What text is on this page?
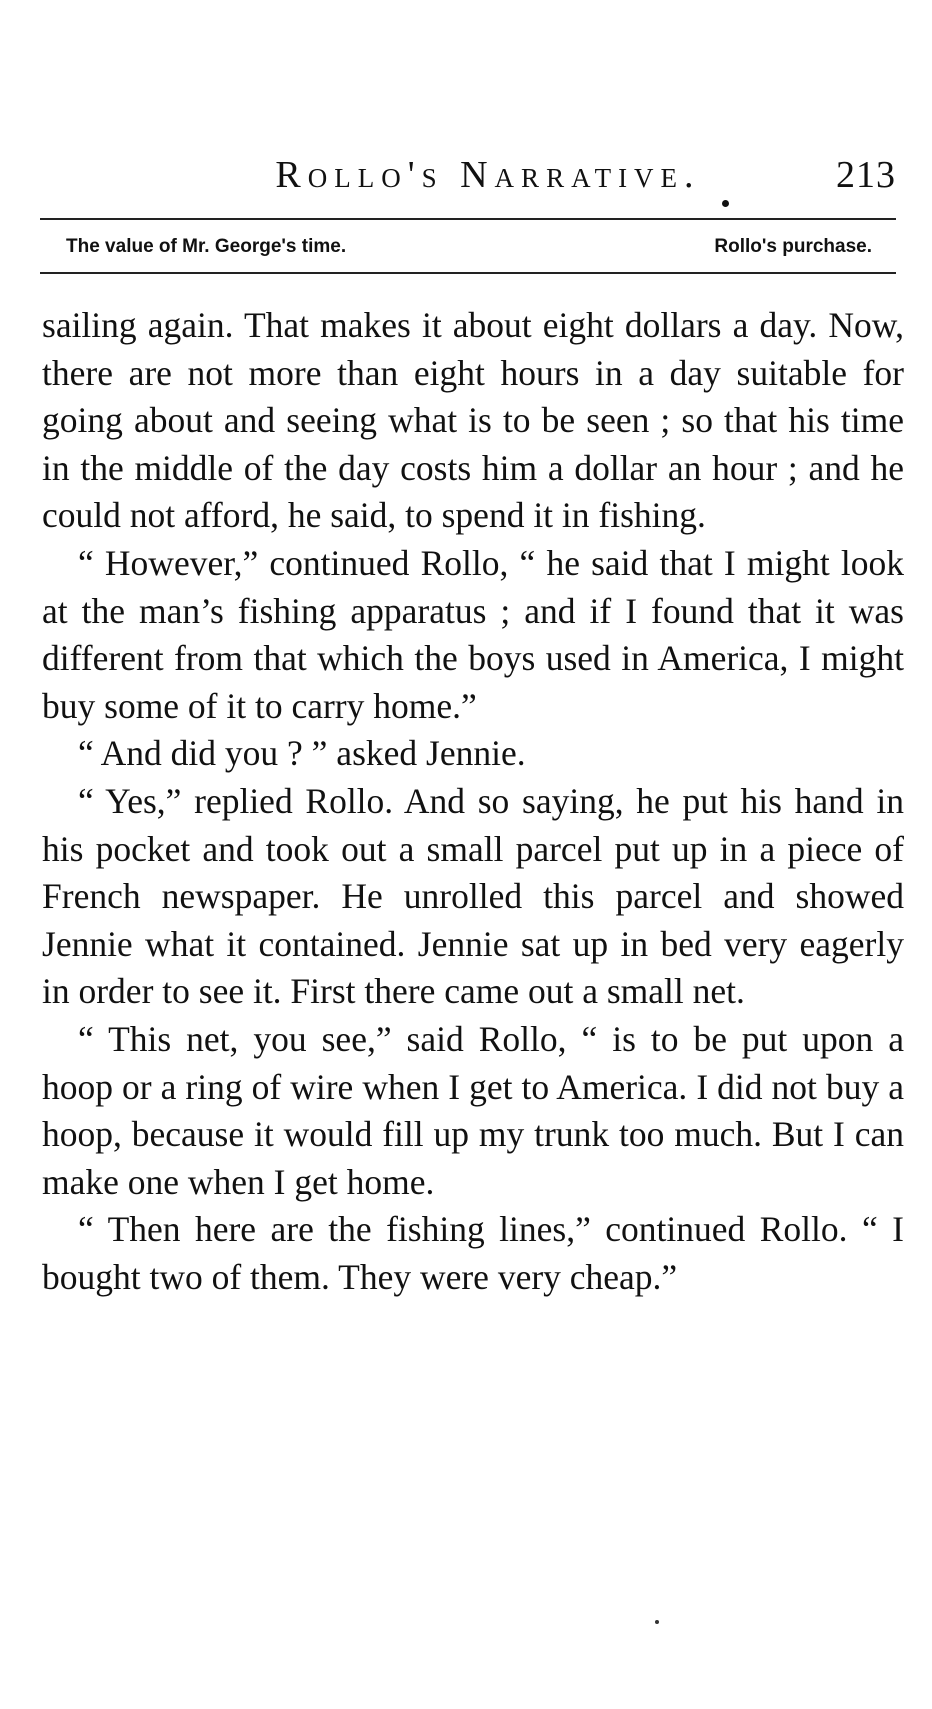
Rollo's Narrative.	213
The value of Mr. George's time.	Rollo's purchase.

sailing again. That makes it about eight dollars a day. Now, there are not more than eight hours in a day suitable for going about and seeing what is to be seen ; so that his time in the middle of the day costs him a dollar an hour ; and he could not afford, he said, to spend it in fishing.

“ However,” continued Rollo, “ he said that I might look at the man’s fishing apparatus ; and if I found that it was different from that which the boys used in America, I might buy some of it to carry home.”

“ And did you ? ” asked Jennie.

“ Yes,” replied Rollo. And so saying, he put his hand in his pocket and took out a small parcel put up in a piece of French newspaper. He unrolled this parcel and showed Jennie what it contained. Jennie sat up in bed very eagerly in order to see it. First there came out a small net.

“ This net, you see,” said Rollo, “ is to be put upon a hoop or a ring of wire when I get to America. I did not buy a hoop, because it would fill up my trunk too much. But I can make one when I get home.

“ Then here are the fishing lines,” continued Rollo. “ I bought two of them. They were very cheap.”
